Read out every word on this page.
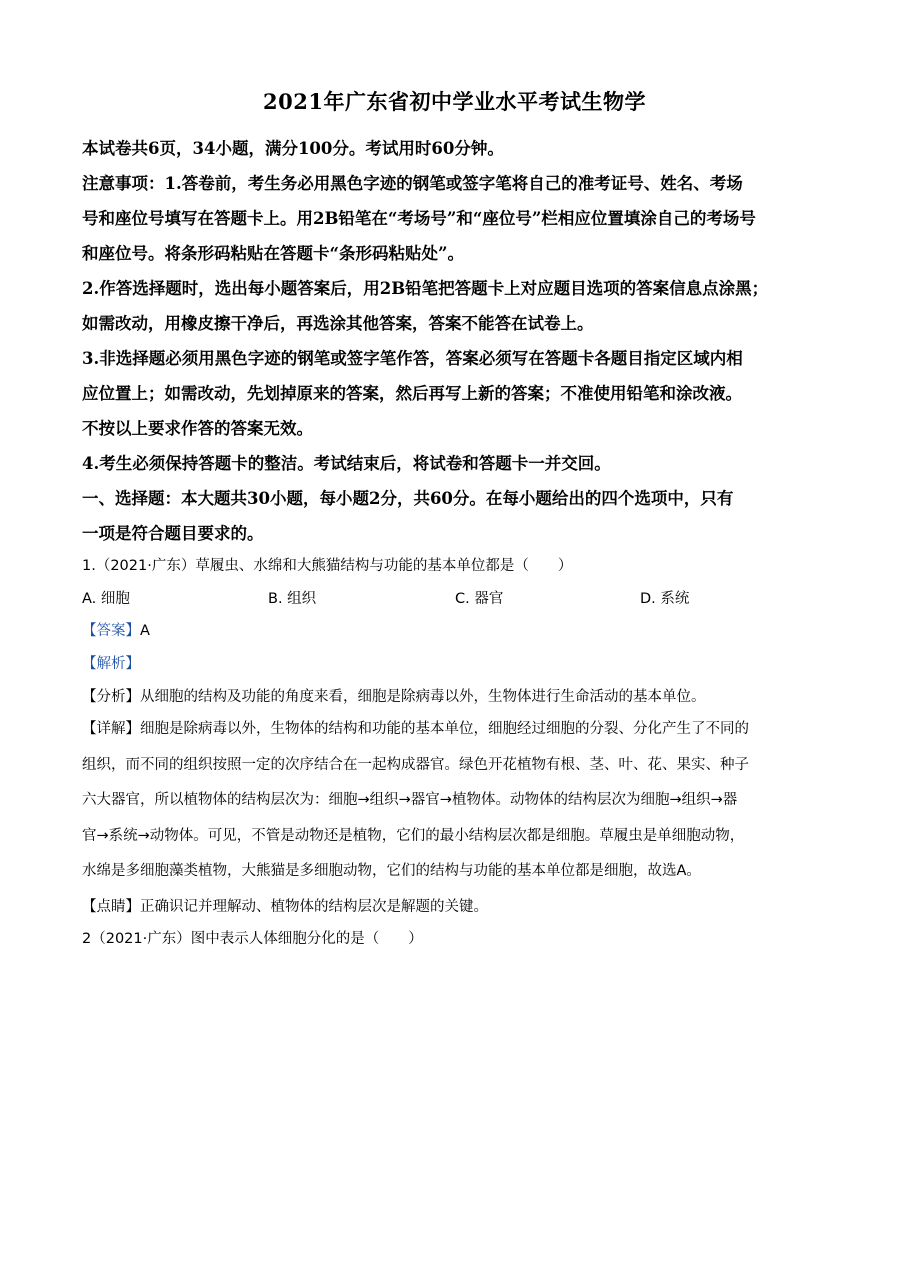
2021年广东省初中学业水平考试生物学
本试卷共6页，34小题，满分100分。考试用时60分钟。
注意事项：1.答卷前，考生务必用黑色字迹的钢笔或签字笔将自己的准考证号、姓名、考场
号和座位号填写在答题卡上。用2B铅笔在“考场号”和“座位号”栏相应位置填涂自己的考场号
和座位号。将条形码粘贴在答题卡“条形码粘贴处”。
2.作答选择题时，选出每小题答案后，用2B铅笔把答题卡上对应题目选项的答案信息点涂黑；
如需改动，用橡皮擦干净后，再选涂其他答案，答案不能答在试卷上。
3.非选择题必须用黑色字迹的钢笔或签字笔作答，答案必须写在答题卡各题目指定区域内相
应位置上；如需改动，先划掉原来的答案，然后再写上新的答案；不准使用铅笔和涂改液。
不按以上要求作答的答案无效。
4.考生必须保持答题卡的整洁。考试结束后，将试卷和答题卡一并交回。
一、选择题：本大题共30小题，每小题2分，共60分。在每小题给出的四个选项中，只有
一项是符合题目要求的。
1.（2021·广东）草履虫、水绵和大熊猫结构与功能的基本单位都是（　　）
A. 细胞	B. 组织	C. 器官	D. 系统
【答案】A
【解析】
【分析】从细胞的结构及功能的角度来看，细胞是除病毒以外，生物体进行生命活动的基本单位。
【详解】细胞是除病毒以外，生物体的结构和功能的基本单位，细胞经过细胞的分裂、分化产生了不同的
组织，而不同的组织按照一定的次序结合在一起构成器官。绿色开花植物有根、茎、叶、花、果实、种子
六大器官，所以植物体的结构层次为：细胞→组织→器官→植物体。动物体的结构层次为细胞→组织→器
官→系统→动物体。可见，不管是动物还是植物，它们的最小结构层次都是细胞。草履虫是单细胞动物，
水绵是多细胞藻类植物，大熊猫是多细胞动物，它们的结构与功能的基本单位都是细胞，故选A。
【点睛】正确识记并理解动、植物体的结构层次是解题的关键。
2（2021·广东）图中表示人体细胞分化的是（　　）
